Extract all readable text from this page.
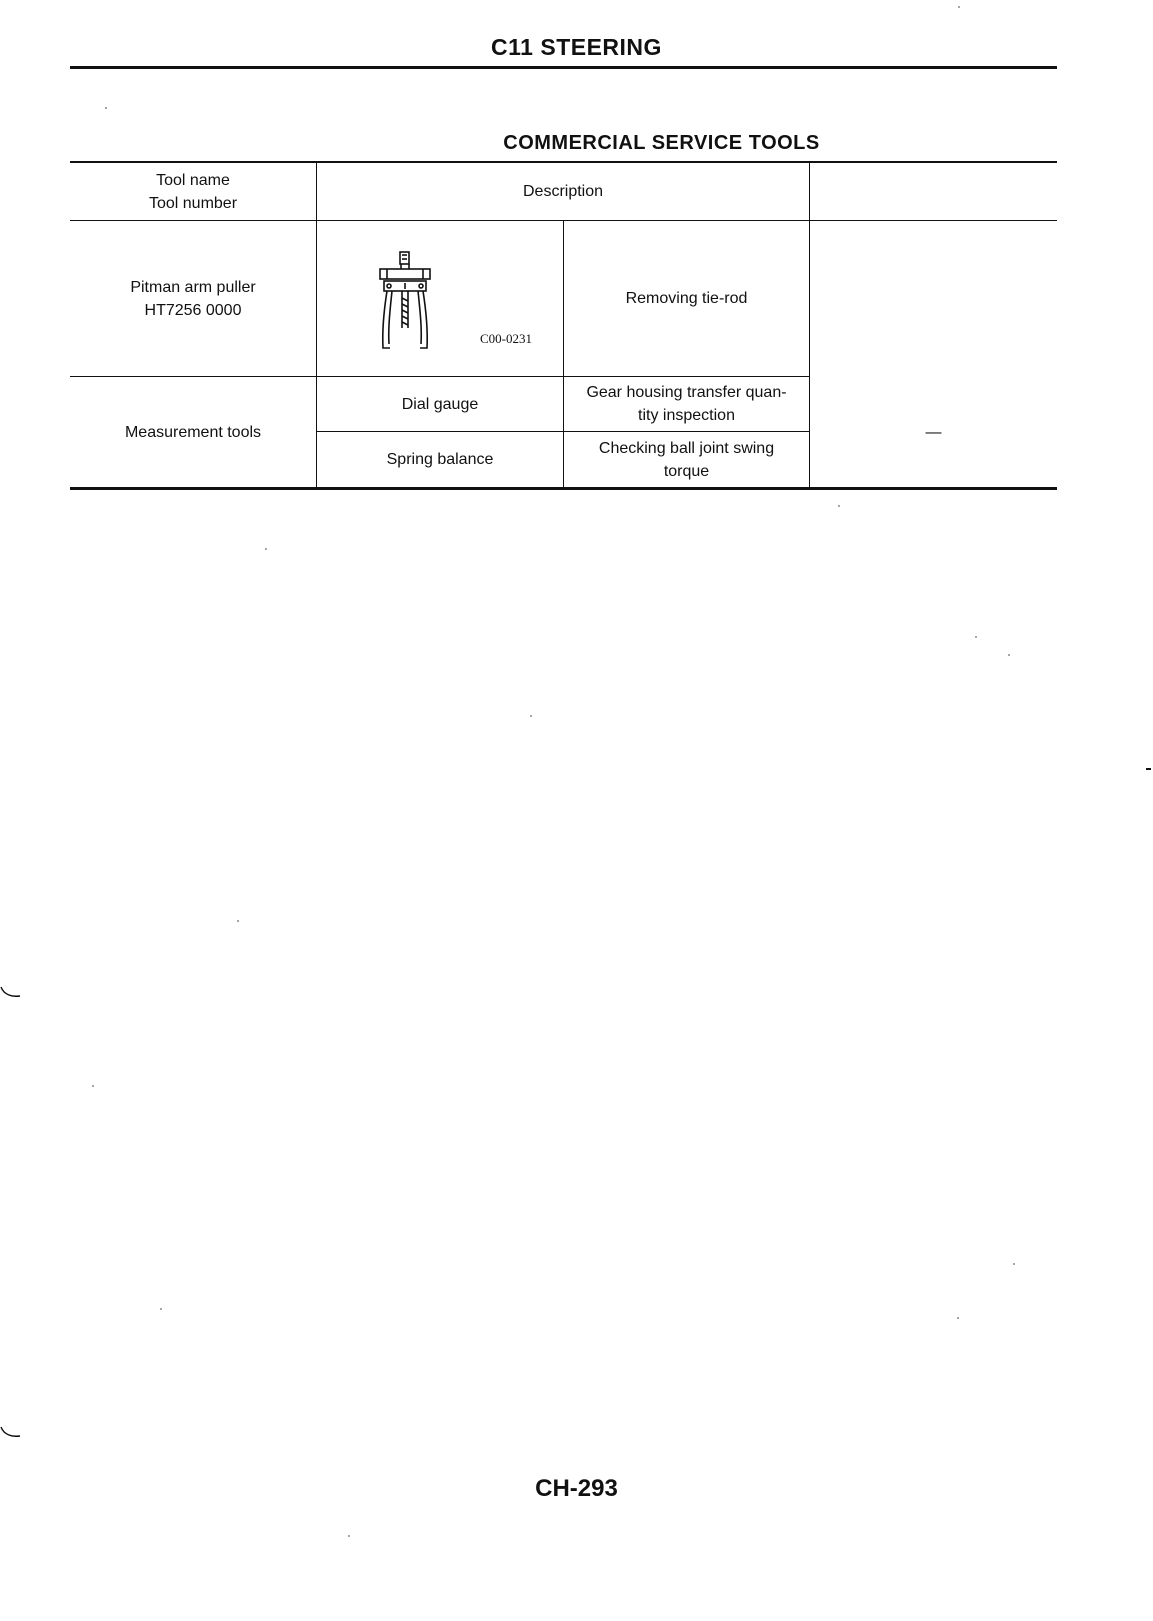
C11 STEERING
COMMERCIAL SERVICE TOOLS
Tool name
Tool number
Description
Pitman arm puller
HT7256 0000
C00-0231
Removing tie-rod
Measurement tools
Dial gauge
Gear housing transfer quan-
tity inspection
Spring balance
Checking ball joint swing
torque
—
CH-293
